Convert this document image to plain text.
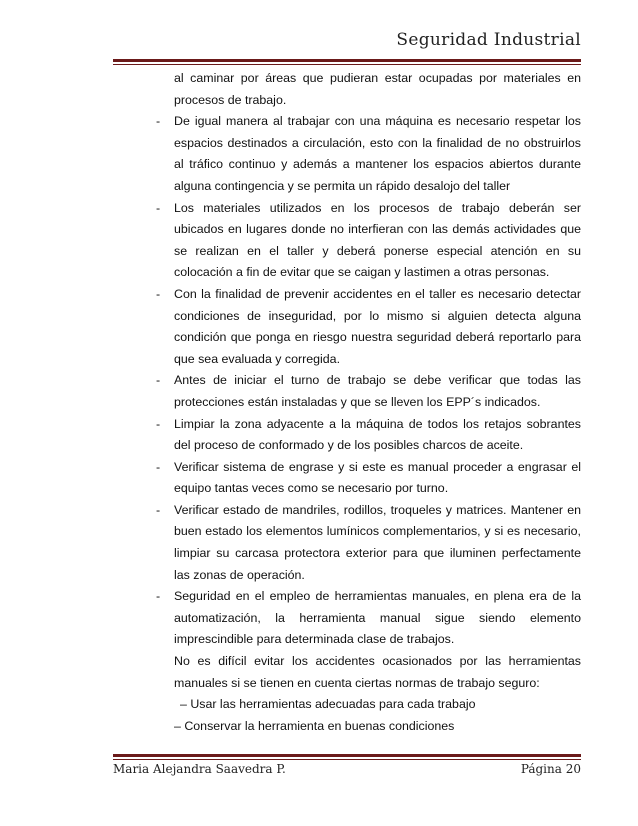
Seguridad Industrial

al caminar por áreas que pudieran estar ocupadas por materiales en procesos de trabajo.

- De igual manera al trabajar con una máquina es necesario respetar los espacios destinados a circulación, esto con la finalidad de no obstruirlos al tráfico continuo y además a mantener los espacios abiertos durante alguna contingencia y se permita un rápido desalojo del taller

- Los materiales utilizados en los procesos de trabajo deberán ser ubicados en lugares donde no interfieran con las demás actividades que se realizan en el taller y deberá ponerse especial atención en su colocación a fin de evitar que se caigan y lastimen a otras personas.

- Con la finalidad de prevenir accidentes en el taller es necesario detectar condiciones de inseguridad, por lo mismo si alguien detecta alguna condición que ponga en riesgo nuestra seguridad deberá reportarlo para que sea evaluada y corregida.

- Antes de iniciar el turno de trabajo se debe verificar que todas las protecciones están instaladas y que se lleven los EPP´s indicados.

- Limpiar la zona adyacente a la máquina de todos los retajos sobrantes del proceso de conformado y de los posibles charcos de aceite.

- Verificar sistema de engrase y si este es manual proceder a engrasar el equipo tantas veces como se necesario por turno.

- Verificar estado de mandriles, rodillos, troqueles y matrices. Mantener en buen estado los elementos lumínicos complementarios, y si es necesario, limpiar su carcasa protectora exterior para que iluminen perfectamente las zonas de operación.

- Seguridad en el empleo de herramientas manuales, en plena era de la automatización, la herramienta manual sigue siendo elemento imprescindible para determinada clase de trabajos.

No es difícil evitar los accidentes ocasionados por las herramientas manuales si se tienen en cuenta ciertas normas de trabajo seguro:

– Usar las herramientas adecuadas para cada trabajo

– Conservar la herramienta en buenas condiciones

Maria Alejandra Saavedra P.	Página 20
